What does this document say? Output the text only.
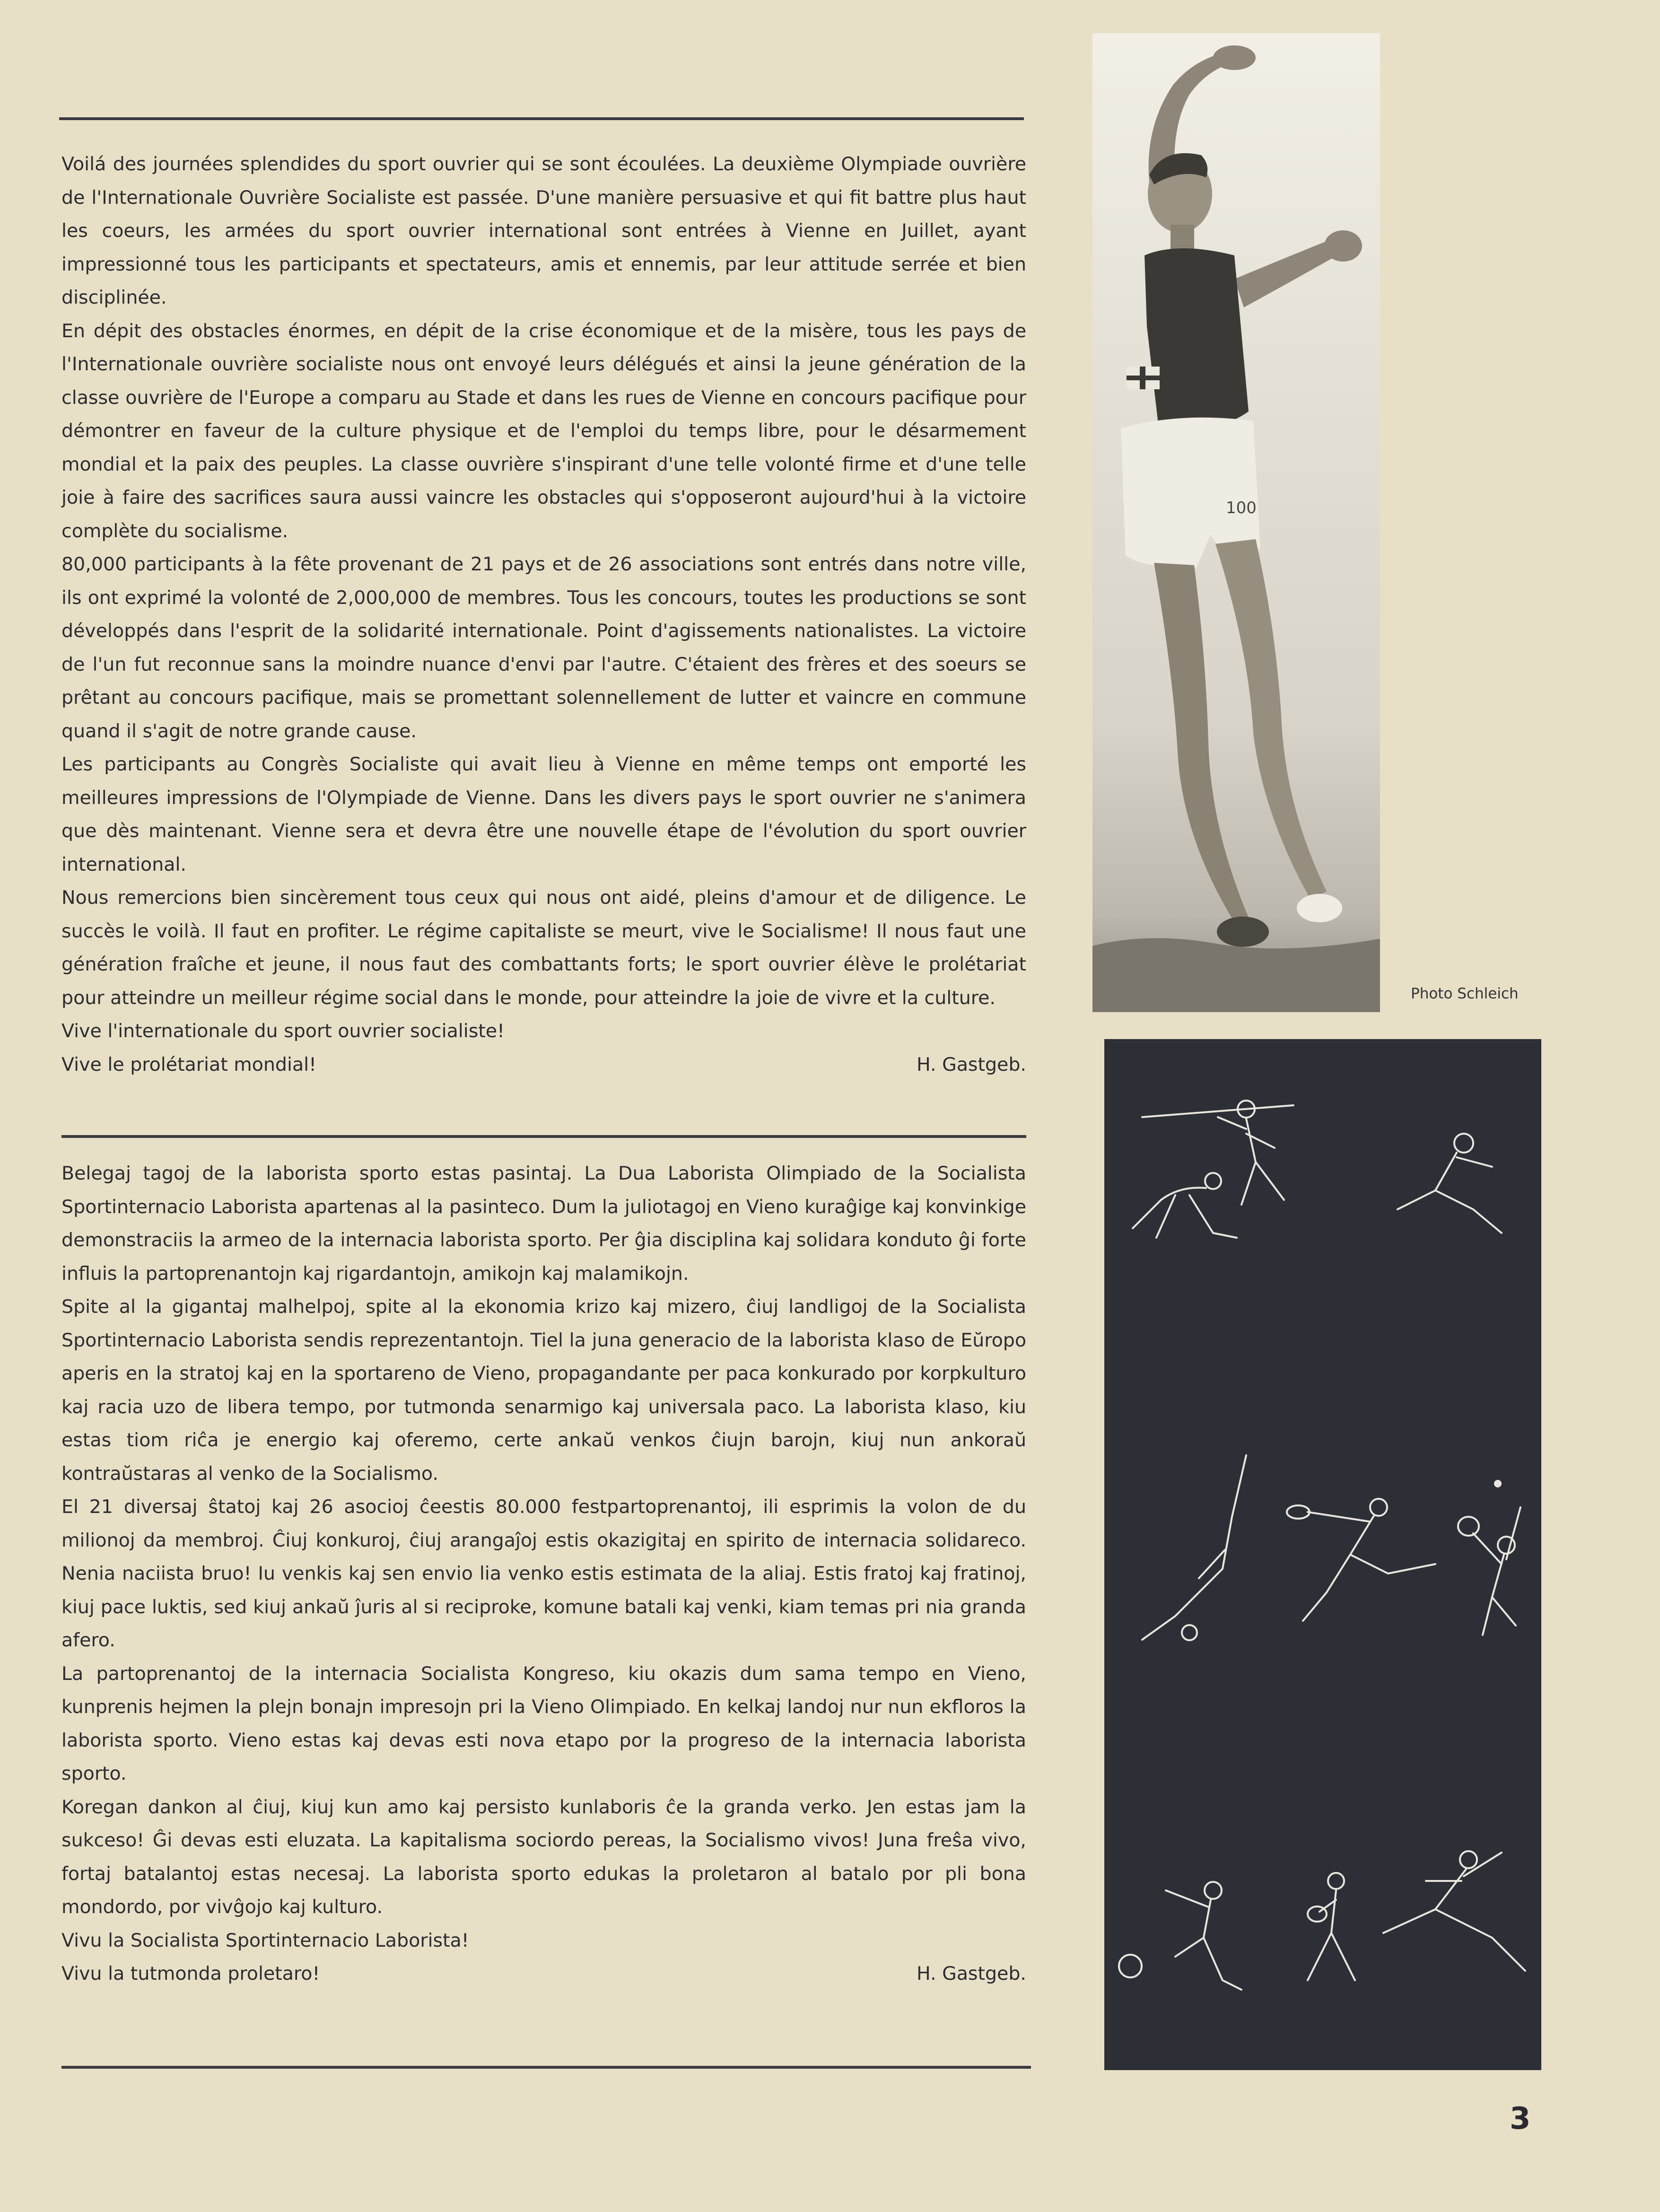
Voilá des journées splendides du sport ouvrier qui se sont écoulées. La deuxième Olympiade ouvrière de l'Internationale Ouvrière Socialiste est passée. D'une manière persuasive et qui fit battre plus haut les coeurs, les armées du sport ouvrier international sont entrées à Vienne en Juillet, ayant impressionné tous les participants et spectateurs, amis et ennemis, par leur attitude serrée et bien disciplinée.

En dépit des obstacles énormes, en dépit de la crise économique et de la misère, tous les pays de l'Internationale ouvrière socialiste nous ont envoyé leurs délégués et ainsi la jeune génération de la classe ouvrière de l'Europe a comparu au Stade et dans les rues de Vienne en concours pacifique pour démontrer en faveur de la culture physique et de l'emploi du temps libre, pour le désarmement mondial et la paix des peuples. La classe ouvrière s'inspirant d'une telle volonté firme et d'une telle joie à faire des sacrifices saura aussi vaincre les obstacles qui s'opposeront aujourd'hui à la victoire complète du socialisme.

80,000 participants à la fête provenant de 21 pays et de 26 associations sont entrés dans notre ville, ils ont exprimé la volonté de 2,000,000 de membres. Tous les concours, toutes les productions se sont développés dans l'esprit de la solidarité internationale. Point d'agissements nationalistes. La victoire de l'un fut reconnue sans la moindre nuance d'envi par l'autre. C'étaient des frères et des soeurs se prêtant au concours pacifique, mais se promettant solennellement de lutter et vaincre en commune quand il s'agit de notre grande cause.

Les participants au Congrès Socialiste qui avait lieu à Vienne en même temps ont emporté les meilleures impressions de l'Olympiade de Vienne. Dans les divers pays le sport ouvrier ne s'animera que dès maintenant. Vienne sera et devra être une nouvelle étape de l'évolution du sport ouvrier international.

Nous remercions bien sincèrement tous ceux qui nous ont aidé, pleins d'amour et de diligence. Le succès le voilà. Il faut en profiter. Le régime capitaliste se meurt, vive le Socialisme! Il nous faut une génération fraîche et jeune, il nous faut des combattants forts; le sport ouvrier élève le prolétariat pour atteindre un meilleur régime social dans le monde, pour atteindre la joie de vivre et la culture.

Vive l'internationale du sport ouvrier socialiste!

Vive le prolétariat mondial!	H. Gastgeb.

Belegaj tagoj de la laborista sporto estas pasintaj. La Dua Laborista Olimpiado de la Socialista Sportinternacio Laborista apartenas al la pasinteco. Dum la juliotagoj en Vieno kuraĝige kaj konvinkige demonstraciis la armeo de la internacia laborista sporto. Per ĝia disciplina kaj solidara konduto ĝi forte influis la partoprenantojn kaj rigardantojn, amikojn kaj malamikojn.

Spite al la gigantaj malhelpoj, spite al la ekonomia krizo kaj mizero, ĉiuj landligoj de la Socialista Sportinternacio Laborista sendis reprezentantojn. Tiel la juna generacio de la laborista klaso de Eŭropo aperis en la stratoj kaj en la sportareno de Vieno, propagandante per paca konkurado por korpkulturo kaj racia uzo de libera tempo, por tutmonda senarmigo kaj universala paco. La laborista klaso, kiu estas tiom riĉa je energio kaj oferemo, certe ankaŭ venkos ĉiujn barojn, kiuj nun ankoraŭ kontraŭstaras al venko de la Socialismo.

El 21 diversaj ŝtatoj kaj 26 asocioj ĉeestis 80.000 festpartoprenantoj, ili esprimis la volon de du milionoj da membroj. Ĉiuj konkuroj, ĉiuj arangaĵoj estis okazigitaj en spirito de internacia solidareco. Nenia naciista bruo! Iu venkis kaj sen envio lia venko estis estimata de la aliaj. Estis fratoj kaj fratinoj, kiuj pace luktis, sed kiuj ankaŭ ĵuris al si reciproke, komune batali kaj venki, kiam temas pri nia granda afero.

La partoprenantoj de la internacia Socialista Kongreso, kiu okazis dum sama tempo en Vieno, kunprenis hejmen la plejn bonajn impresojn pri la Vieno Olimpiado. En kelkaj landoj nur nun ekfloros la laborista sporto. Vieno estas kaj devas esti nova etapo por la progreso de la internacia laborista sporto.

Koregan dankon al ĉiuj, kiuj kun amo kaj persisto kunlaboris ĉe la granda verko. Jen estas jam la sukceso! Ĝi devas esti eluzata. La kapitalisma sociordo pereas, la Socialismo vivos! Juna freŝa vivo, fortaj batalantoj estas necesaj. La laborista sporto edukas la proletaron al batalo por pli bona mondordo, por vivĝojo kaj kulturo.

Vivu la Socialista Sportinternacio Laborista!

Vivu la tutmonda proletaro!	H. Gastgeb.
100
Photo Schleich
3
